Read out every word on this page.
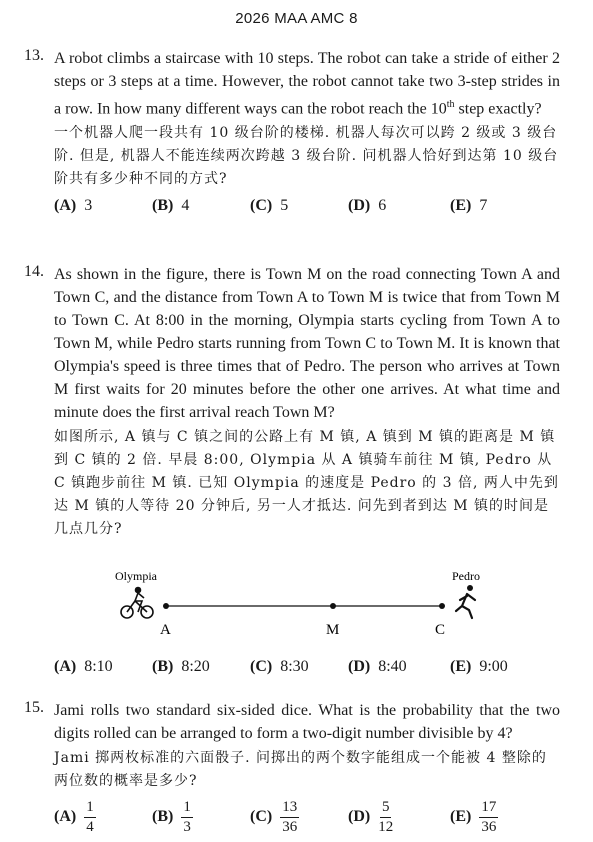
2026 MAA AMC 8
13. A robot climbs a staircase with 10 steps. The robot can take a stride of either 2 steps or 3 steps at a time. However, the robot cannot take two 3-step strides in a row. In how many different ways can the robot reach the 10th step exactly?
一个机器人爬一段共有 10 级台阶的楼梯. 机器人每次可以跨 2 级或 3 级台阶. 但是, 机器人不能连续两次跨越 3 级台阶. 问机器人恰好到达第 10 级台阶共有多少种不同的方式?
(A) 3	(B) 4	(C) 5	(D) 6	(E) 7
14. As shown in the figure, there is Town M on the road connecting Town A and Town C, and the distance from Town A to Town M is twice that from Town M to Town C. At 8:00 in the morning, Olympia starts cycling from Town A to Town M, while Pedro starts running from Town C to Town M. It is known that Olympia's speed is three times that of Pedro. The person who arrives at Town M first waits for 20 minutes before the other one arrives. At what time and minute does the first arrival reach Town M?
如图所示, A 镇与 C 镇之间的公路上有 M 镇, A 镇到 M 镇的距离是 M 镇到 C 镇的 2 倍. 早晨 8:00, Olympia 从 A 镇骑车前往 M 镇, Pedro 从 C 镇跑步前往 M 镇. 已知 Olympia 的速度是 Pedro 的 3 倍, 两人中先到达 M 镇的人等待 20 分钟后, 另一人才抵达. 问先到者到达 M 镇的时间是几点几分?
Olympia	Pedro
A	M	C
(A) 8:10 (B) 8:20	(C) 8:30 (D) 8:40	(E) 9:00
15. Jami rolls two standard six-sided dice. What is the probability that the two digits rolled can be arranged to form a two-digit number divisible by 4?
Jami 掷两枚标准的六面骰子. 问掷出的两个数字能组成一个能被 4 整除的两位数的概率是多少?
$(A) \frac{1}{4}$	$(B) \frac{1}{3}$	$(C) \frac{13}{36}$	$(D) \frac{5}{12}$	$(E) \frac{17}{36}$
